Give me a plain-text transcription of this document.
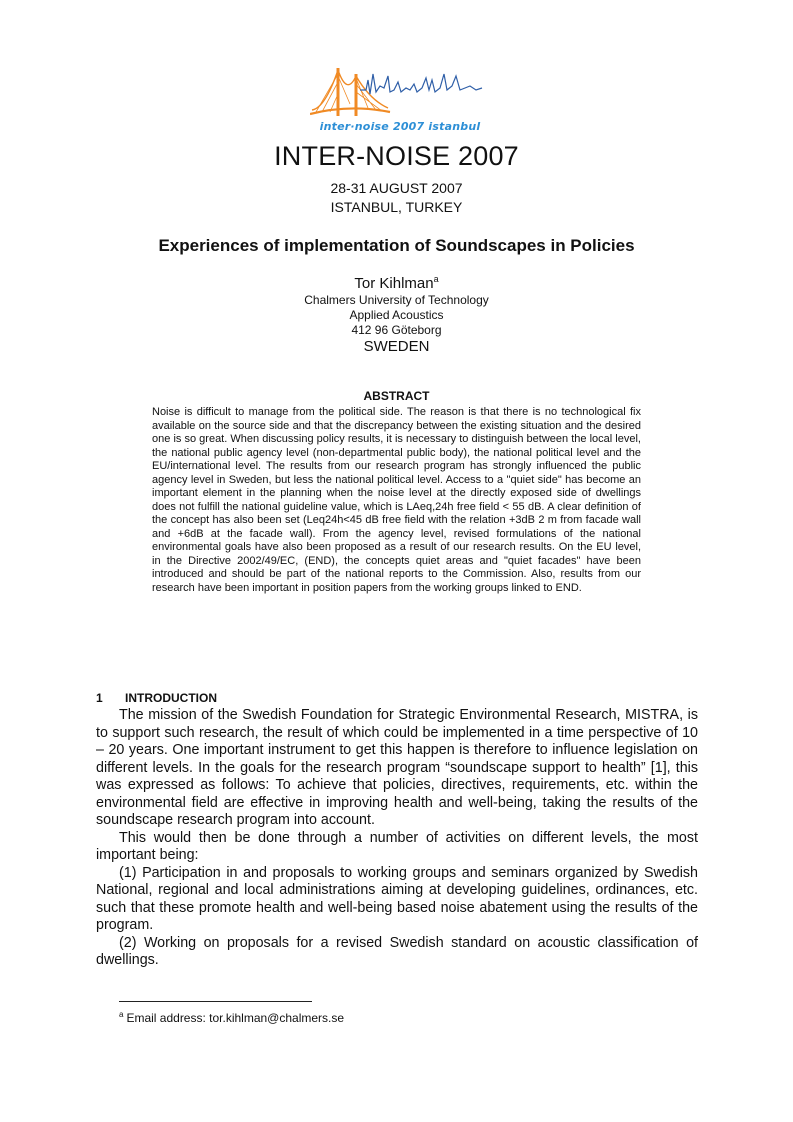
inter·noise 2007 istanbul
INTER-NOISE 2007
28-31 AUGUST 2007
ISTANBUL, TURKEY
Experiences of implementation of Soundscapes in Policies
Tor Kihlman$^a$
Chalmers University of Technology
Applied Acoustics
412 96 Göteborg
SWEDEN
ABSTRACT

Noise is difficult to manage from the political side. The reason is that there is no technological fix available on the source side and that the discrepancy between the existing situation and the desired one is so great. When discussing policy results, it is necessary to distinguish between the local level, the national public agency level (non-departmental public body), the national political level and the EU/international level. The results from our research program has strongly influenced the public agency level in Sweden, but less the national political level. Access to a "quiet side" has become an important element in the planning when the noise level at the directly exposed side of dwellings does not fulfill the national guideline value, which is LAeq,24h free field < 55 dB. A clear definition of the concept has also been set (Leq24h<45 dB free field with the relation +3dB 2 m from facade wall and +6dB at the facade wall). From the agency level, revised formulations of the national environmental goals have also been proposed as a result of our research results. On the EU level, in the Directive 2002/49/EC, (END), the concepts quiet areas and "quiet facades" have been introduced and should be part of the national reports to the Commission. Also, results from our research have been important in position papers from the working groups linked to END.

1 INTRODUCTION

The mission of the Swedish Foundation for Strategic Environmental Research, MISTRA, is to support such research, the result of which could be implemented in a time perspective of 10 – 20 years. One important instrument to get this happen is therefore to influence legislation on different levels. In the goals for the research program “soundscape support to health” [1], this was expressed as follows: To achieve that policies, directives, requirements, etc. within the environmental field are effective in improving health and well-being, taking the results of the soundscape research program into account.

This would then be done through a number of activities on different levels, the most important being:

(1) Participation in and proposals to working groups and seminars organized by Swedish National, regional and local administrations aiming at developing guidelines, ordinances, etc. such that these promote health and well-being based noise abatement using the results of the program.

(2) Working on proposals for a revised Swedish standard on acoustic classification of dwellings.

$^a$ Email address: tor.kihlman@chalmers.se
